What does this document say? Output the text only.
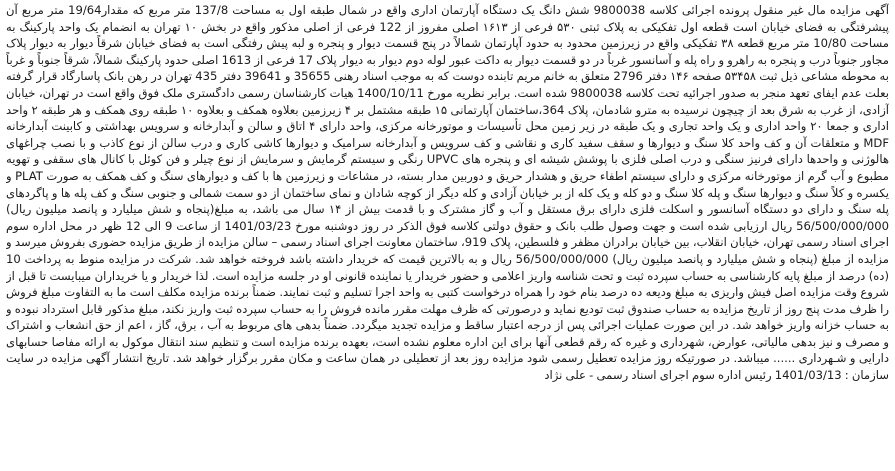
آگهی مزایده مال غیر منقول پرونده اجرائی کلاسه 9800038 شش دانگ یک دستگاه آپارتمان اداری واقع در شمال طبقه اول به مساحت 137/8 متر مربع که مقدار19/64 متر مربع آن پیشرفتگی به فضای خیابان است قطعه اول تفکیکی به پلاک ثبتی ۵۳۰ فرعی از ۱۶۱۳ اصلی مفروز از 122 فرعی از اصلی مذکور واقع در بخش ۱۰ تهران به انضمام یک واحد پارکینگ به مساحت 10/80 متر مربع قطعه ۳۸ تفکیکی واقع در زیرزمین محدود به حدود آپارتمان شمالاً در پنج قسمت دیوار و پنجره و لبه پیش رفتگی است به فضای خیابان شرقاً دیوار به دیوار پلاک مجاور جنوباً درب و پنجره به راهرو و راه پله و آسانسور غرباً در دو قسمت دیوار به داکت عبور لوله دوم دیوار به دیوار پلاک 17 فرعی از 1613 اصلی حدود پارکینگ شمالاً، شرقاً جنوباً و غرباً به محوطه مشاعی ذیل ثبت ۵۳۴۵۸ صفحه ۱۴۶ دفتر 2796 متعلق به خانم مریم تابنده دوست که به موجب اسناد رهنی 35655 و 39641 دفتر 435 تهران در رهن بانک پاسارگاد قرار گرفته بعلت عدم ایفای تعهد منجر به صدور اجرائیه تحت کلاسه 9800038 شده است. برابر نظریه مورخ 1400/10/11 هیات کارشناسان رسمی دادگستری ملک فوق واقع است در تهران، خیابان آزادی، از غرب به شرق بعد از چیچون نرسیده به مترو شادمان، پلاک 364،ساختمان آپارتمانی ۱۵ طبقه مشتمل بر ۴ زیرزمین بعلاوه همکف و بعلاوه ۱۰ طبقه روی همکف و هر طبقه ۲ واحد اداری و جمعا ۲۰ واحد اداری و یک واحد تجاری و یک طبقه در زیر زمین محل تأسیسات و موتورخانه مرکزی، واحد دارای ۴ اتاق و سالن و آبدارخانه و سرویس بهداشتی و کابینت آبدارخانه MDF و متعلقات آن و کف واحد کلا سنگ و دیوارها و سقف سفید کاری و نقاشی و کف سرویس و آبدارخانه سرامیک و دیوارها کاشی کاری و درب سالن از نوع کاذب و با نصب چراغهای هالوژنی و واحدها دارای فرنیز سنگی و درب اصلی فلزی با پوشش شیشه ای و پنجره های UPVC رنگی و سیستم گرمایش و سرمایش از نوع چیلر و فن کوئل با کانال های سقفی و تهویه مطبوع و آب گرم از موتورخانه مرکزی و دارای سیستم اطفاء حریق و هشدار حریق و دوربین مدار بسته، در مشاعات و زیرزمین ها با کف و دیوارهای سنگ و کف همکف به صورت PLAT و یکسره و کلاً سنگ و دیوارها سنگ و پله کلا سنگ و دو کله و یک کله از بر خیابان آزادی و کله دیگر از کوچه شادان و نمای ساختمان از دو سمت شمالی و جنوبی سنگ و کف پله ها و پاگردهای پله سنگ و دارای دو دستگاه آسانسور و اسکلت فلزی دارای برق مستقل و آب و گاز مشترک و با قدمت بیش از ۱۴ سال می باشد، به مبلغ(پنجاه و شش میلیارد و پانصد میلیون ریال) 56/500/000/000 ریال ارزیابی شده است و جهت وصول طلب بانک و حقوق دولتی کلاسه فوق الذکر در روز دوشنبه مورخ 1401/03/23 از ساعت 9 الی 12 ظهر در محل اداره سوم اجرای اسناد رسمی تهران، خیابان انقلاب، بین خیابان برادران مظفر و فلسطین، پلاک 919، ساختمان معاونت اجرای اسناد رسمی – سالن مزایده از طریق مزایده حضوری بفروش میرسد و مزایده از مبلغ (پنجاه و شش میلیارد و پانصد میلیون ریال) 56/500/000/000 ریال و به بالاترین قیمت که خریدار داشته باشد فروخته خواهد شد. شرکت در مزایده منوط به پرداخت 10 (ده) درصد از مبلغ پایه کارشناسی به حساب سپرده ثبت و تحت شناسه واریز اعلامی و حضور خریدار یا نماینده قانونی او در جلسه مزایده است. لذا خریدار و یا خریداران میبایست تا قبل از شروع وقت مزایده اصل فیش واریزی به مبلغ ودیعه ده درصد بنام خود را همراه درخواست کتبی به واحد اجرا تسلیم و ثبت نمایند. ضمناً برنده مزایده مکلف است ما به التفاوت مبلغ فروش را ظرف مدت پنج روز از تاریخ مزایده به حساب صندوق ثبت تودیع نماید و درصورتی که ظرف مهلت مقرر مانده فروش را به حساب سپرده ثبت واریز نکند، مبلغ مذکور قابل استرداد نبوده و به حساب خزانه واریز خواهد شد. در این صورت عملیات اجرائی پس از درجه اعتبار ساقط و مزایده تجدید میگردد. ضمناً بدهی های مربوط به آب ، برق، گاز ، اعم از حق انشعاب و اشتراک و مصرف و نیز بدهی مالیاتی، عوارض، شهرداری و غیره که رقم قطعی آنها برای این اداره معلوم نشده است، بعهده برنده مزایده است و تنظیم سند انتقال موکول به ارائه مفاصا حسابهای دارایی و شـهرداری ...... میباشد. در صورتیکه روز مزایده تعطیل رسمی شود مزایده روز بعد از تعطیلی در همان ساعت و مکان مقرر برگزار خواهد شد. تاریخ انتشار آگهی مزایده در سایت سازمان : 1401/03/13 رئیس اداره سوم اجرای اسناد رسمی - علی نژاد
